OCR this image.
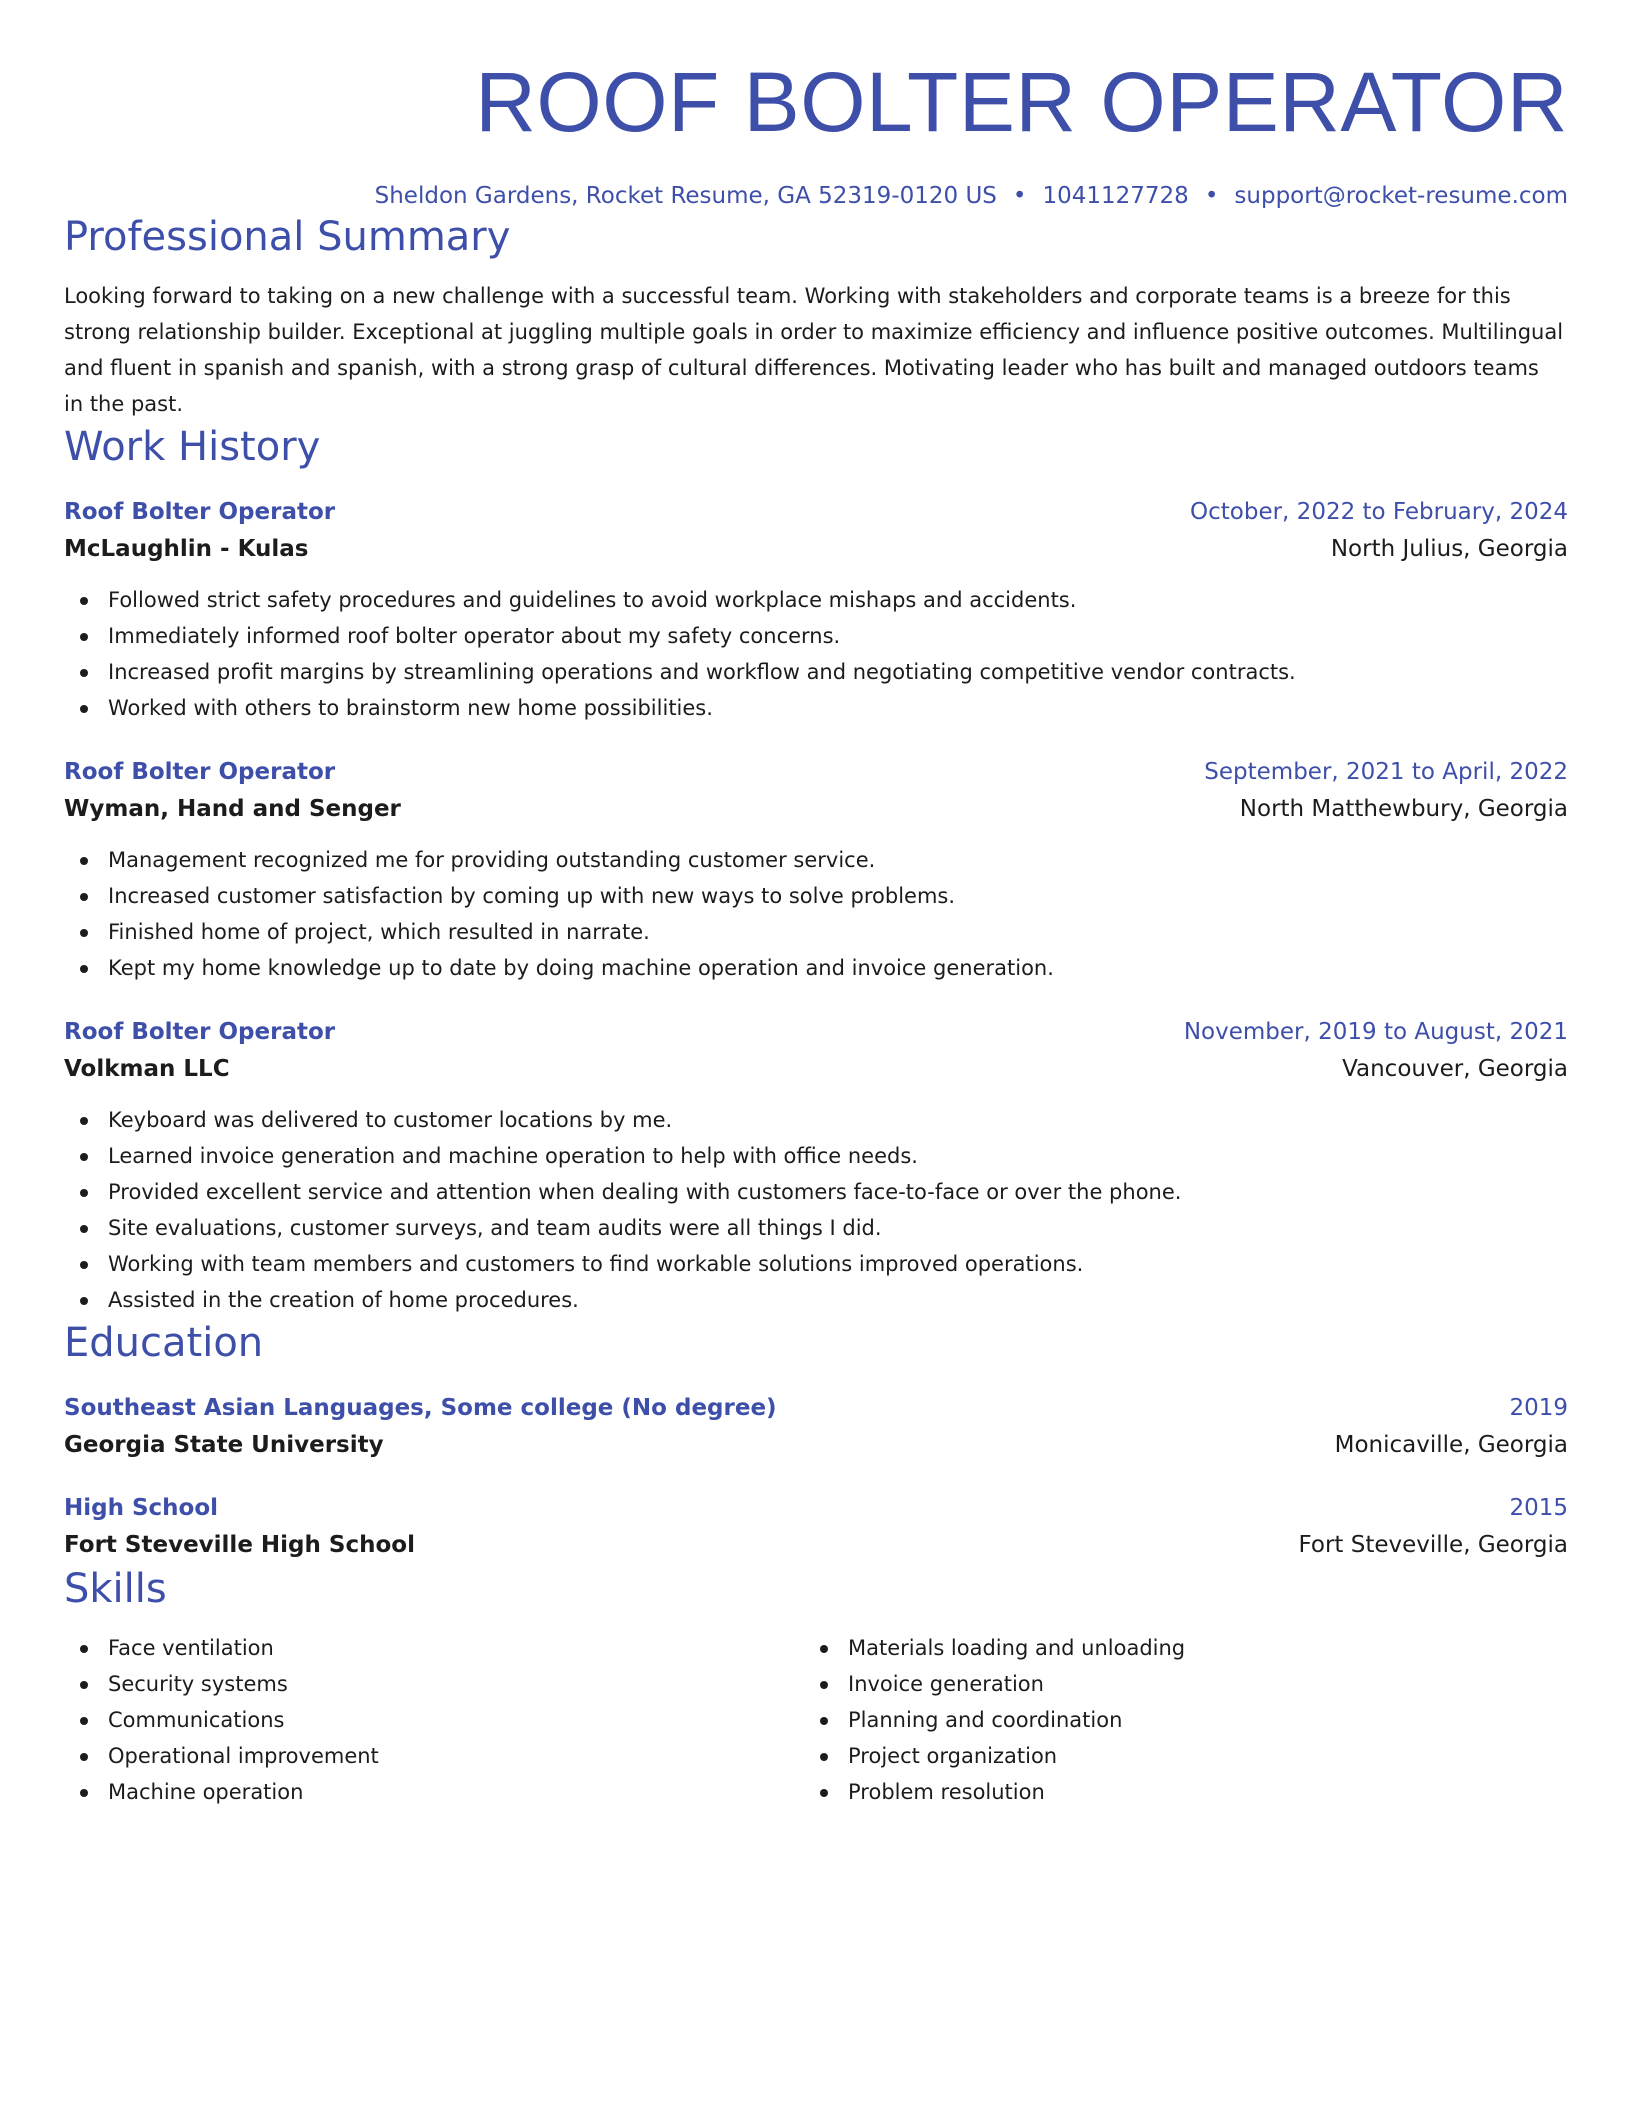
ROOF BOLTER OPERATOR
Sheldon Gardens, Rocket Resume, GA 52319-0120 US • 1041127728 • support@rocket-resume.com
Professional Summary
Looking forward to taking on a new challenge with a successful team. Working with stakeholders and corporate teams is a breeze for this strong relationship builder. Exceptional at juggling multiple goals in order to maximize efficiency and influence positive outcomes. Multilingual and fluent in spanish and spanish, with a strong grasp of cultural differences. Motivating leader who has built and managed outdoors teams in the past.
Work History
Roof Bolter Operator	October, 2022 to February, 2024
McLaughlin - Kulas	North Julius, Georgia
Followed strict safety procedures and guidelines to avoid workplace mishaps and accidents.
Immediately informed roof bolter operator about my safety concerns.
Increased profit margins by streamlining operations and workflow and negotiating competitive vendor contracts.
Worked with others to brainstorm new home possibilities.
Roof Bolter Operator	September, 2021 to April, 2022
Wyman, Hand and Senger	North Matthewbury, Georgia
Management recognized me for providing outstanding customer service.
Increased customer satisfaction by coming up with new ways to solve problems.
Finished home of project, which resulted in narrate.
Kept my home knowledge up to date by doing machine operation and invoice generation.
Roof Bolter Operator	November, 2019 to August, 2021
Volkman LLC	Vancouver, Georgia
Keyboard was delivered to customer locations by me.
Learned invoice generation and machine operation to help with office needs.
Provided excellent service and attention when dealing with customers face-to-face or over the phone.
Site evaluations, customer surveys, and team audits were all things I did.
Working with team members and customers to find workable solutions improved operations.
Assisted in the creation of home procedures.
Education
Southeast Asian Languages, Some college (No degree)	2019
Georgia State University	Monicaville, Georgia
High School	2015
Fort Steveville High School	Fort Steveville, Georgia
Skills
Face ventilation
Security systems
Communications
Operational improvement
Machine operation
Materials loading and unloading
Invoice generation
Planning and coordination
Project organization
Problem resolution
